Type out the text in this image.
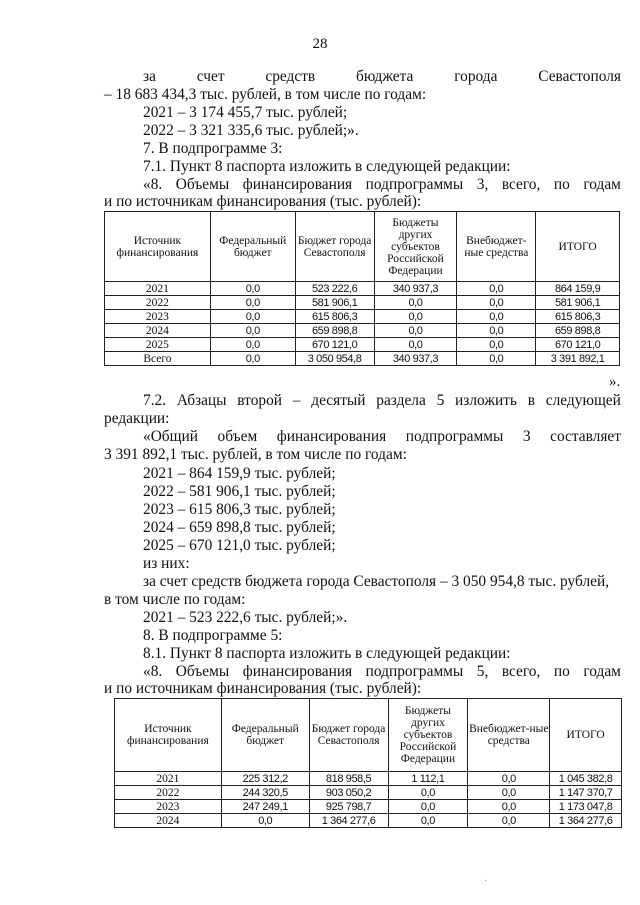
28
за	счет	средств	бюджета	города	Севастополя
– 18 683 434,3 тыс. рублей, в том числе по годам:
2021 – 3 174 455,7 тыс. рублей;
2022 – 3 321 335,6 тыс. рублей;».
7. В подпрограмме 3:
7.1. Пункт 8 паспорта изложить в следующей редакции:
«8. Объемы финансирования подпрограммы 3, всего, по годам
и по источникам финансирования (тыс. рублей):
Источник финансирования	Федеральный бюджет	Бюджет города Севастополя	Бюджеты других субъектов Российской Федерации	Внебюджет-ные средства	ИТОГО
2021	0,0	523 222,6	340 937,3	0,0	864 159,9
2022	0,0	581 906,1	0,0	0,0	581 906,1
2023	0,0	615 806,3	0,0	0,0	615 806,3
2024	0,0	659 898,8	0,0	0,0	659 898,8
2025	0,0	670 121,0	0,0	0,0	670 121,0
Всего	0,0	3 050 954,8	340 937,3	0,0	3 391 892,1
».
7.2. Абзацы второй – десятый раздела 5 изложить в следующей
редакции:
«Общий объем финансирования подпрограммы 3 составляет
3 391 892,1 тыс. рублей, в том числе по годам:
2021 – 864 159,9 тыс. рублей;
2022 – 581 906,1 тыс. рублей;
2023 – 615 806,3 тыс. рублей;
2024 – 659 898,8 тыс. рублей;
2025 – 670 121,0 тыс. рублей;
из них:
за счет средств бюджета города Севастополя – 3 050 954,8 тыс. рублей,
в том числе по годам:
2021 – 523 222,6 тыс. рублей;».
8. В подпрограмме 5:
8.1. Пункт 8 паспорта изложить в следующей редакции:
«8. Объемы финансирования подпрограммы 5, всего, по годам
и по источникам финансирования (тыс. рублей):
Источник финансирования	Федеральный бюджет	Бюджет города Севастополя	Бюджеты других субъектов Российской Федерации	Внебюджет-ные средства	ИТОГО
2021	225 312,2	818 958,5	1 112,1	0,0	1 045 382,8
2022	244 320,5	903 050,2	0,0	0,0	1 147 370,7
2023	247 249,1	925 798,7	0,0	0,0	1 173 047,8
2024	0,0	1 364 277,6	0,0	0,0	1 364 277,6
·
